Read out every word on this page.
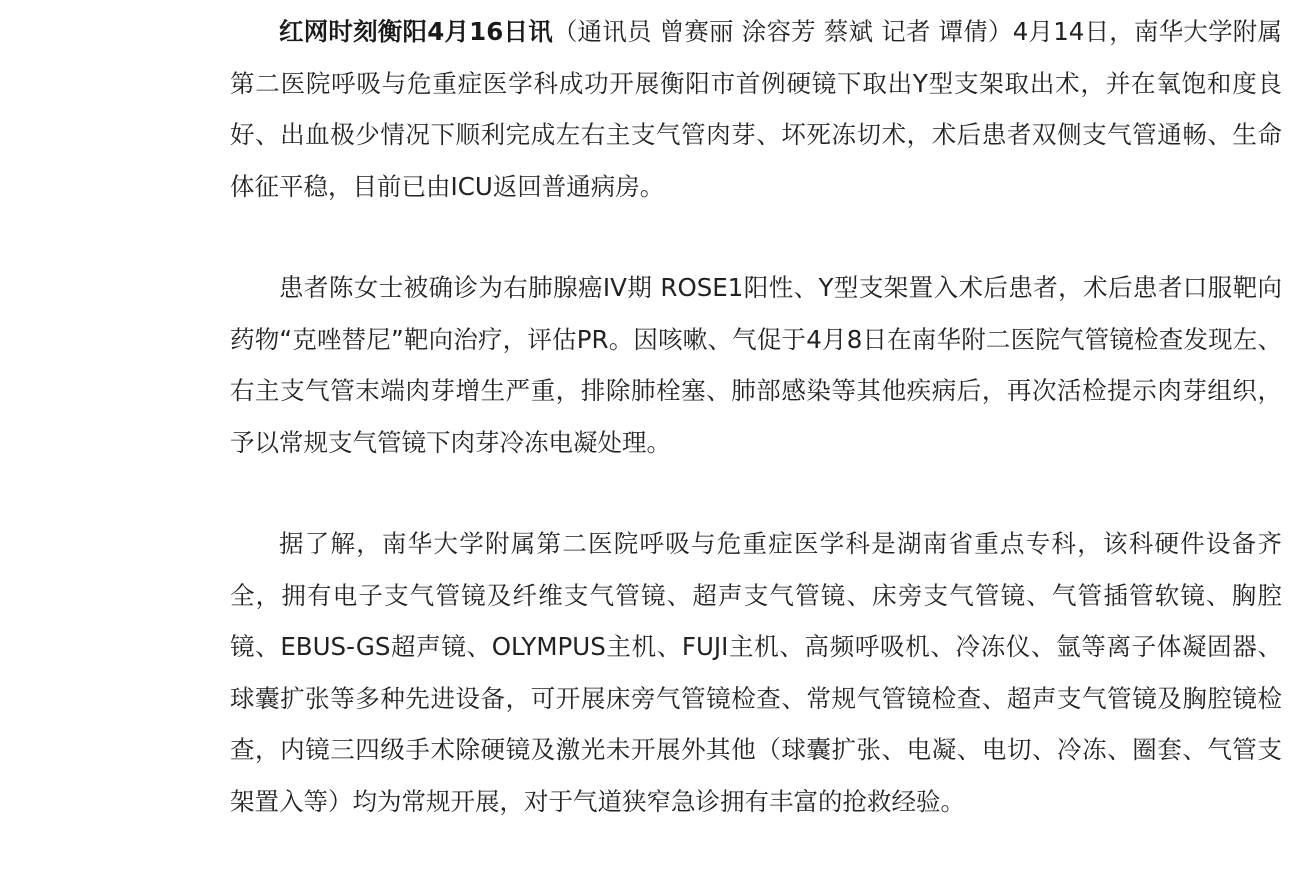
红网时刻衡阳4月16日讯（通讯员 曾赛丽 涂容芳 蔡斌 记者 谭倩）4月14日，南华大学附属第二医院呼吸与危重症医学科成功开展衡阳市首例硬镜下取出Y型支架取出术，并在氧饱和度良好、出血极少情况下顺利完成左右主支气管肉芽、坏死冻切术，术后患者双侧支气管通畅、生命体征平稳，目前已由ICU返回普通病房。

患者陈女士被确诊为右肺腺癌IV期 ROSE1阳性、Y型支架置入术后患者，术后患者口服靶向药物“克唑替尼”靶向治疗，评估PR。因咳嗽、气促于4月8日在南华附二医院气管镜检查发现左、右主支气管末端肉芽增生严重，排除肺栓塞、肺部感染等其他疾病后，再次活检提示肉芽组织，予以常规支气管镜下肉芽冷冻电凝处理。

据了解，南华大学附属第二医院呼吸与危重症医学科是湖南省重点专科，该科硬件设备齐全，拥有电子支气管镜及纤维支气管镜、超声支气管镜、床旁支气管镜、气管插管软镜、胸腔镜、EBUS-GS超声镜、OLYMPUS主机、FUJI主机、高频呼吸机、冷冻仪、氩等离子体凝固器、球囊扩张等多种先进设备，可开展床旁气管镜检查、常规气管镜检查、超声支气管镜及胸腔镜检查，内镜三四级手术除硬镜及激光未开展外其他（球囊扩张、电凝、电切、冷冻、圈套、气管支架置入等）均为常规开展，对于气道狭窄急诊拥有丰富的抢救经验。
